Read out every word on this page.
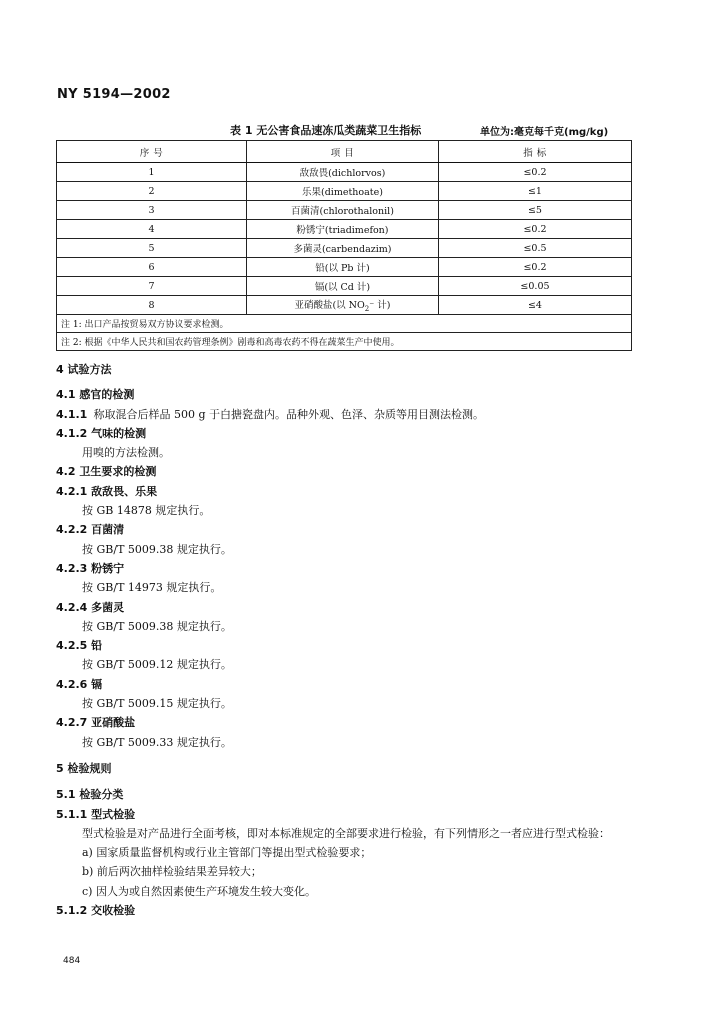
NY 5194—2002
表 1 无公害食品速冻瓜类蔬菜卫生指标	单位为:毫克每千克(mg/kg)
序 号	项 目	指 标
1	敌敌畏(dichlorvos)	≤0.2
2	乐果(dimethoate)	≤1
3	百菌清(chlorothalonil)	≤5
4	粉锈宁(triadimefon)	≤0.2
5	多菌灵(carbendazim)	≤0.5
6	铅(以 Pb 计)	≤0.2
7	镉(以 Cd 计)	≤0.05
8	亚硝酸盐(以 $NO_2^-$ 计)	≤4
注 1: 出口产品按贸易双方协议要求检测。		
注 2: 根据《中华人民共和国农药管理条例》剧毒和高毒农药不得在蔬菜生产中使用。		
4 试验方法
4.1 感官的检测
4.1.1 称取混合后样品 500 g 于白搪瓷盘内。品种外观、色泽、杂质等用目测法检测。
4.1.2 气味的检测
用嗅的方法检测。
4.2 卫生要求的检测
4.2.1 敌敌畏、乐果
按 GB 14878 规定执行。
4.2.2 百菌清
按 GB/T 5009.38 规定执行。
4.2.3 粉锈宁
按 GB/T 14973 规定执行。
4.2.4 多菌灵
按 GB/T 5009.38 规定执行。
4.2.5 铅
按 GB/T 5009.12 规定执行。
4.2.6 镉
按 GB/T 5009.15 规定执行。
4.2.7 亚硝酸盐
按 GB/T 5009.33 规定执行。
5 检验规则
5.1 检验分类
5.1.1 型式检验
型式检验是对产品进行全面考核，即对本标准规定的全部要求进行检验，有下列情形之一者应进行型式检验：
a) 国家质量监督机构或行业主管部门等提出型式检验要求；
b) 前后两次抽样检验结果差异较大；
c) 因人为或自然因素使生产环境发生较大变化。
5.1.2 交收检验
484
